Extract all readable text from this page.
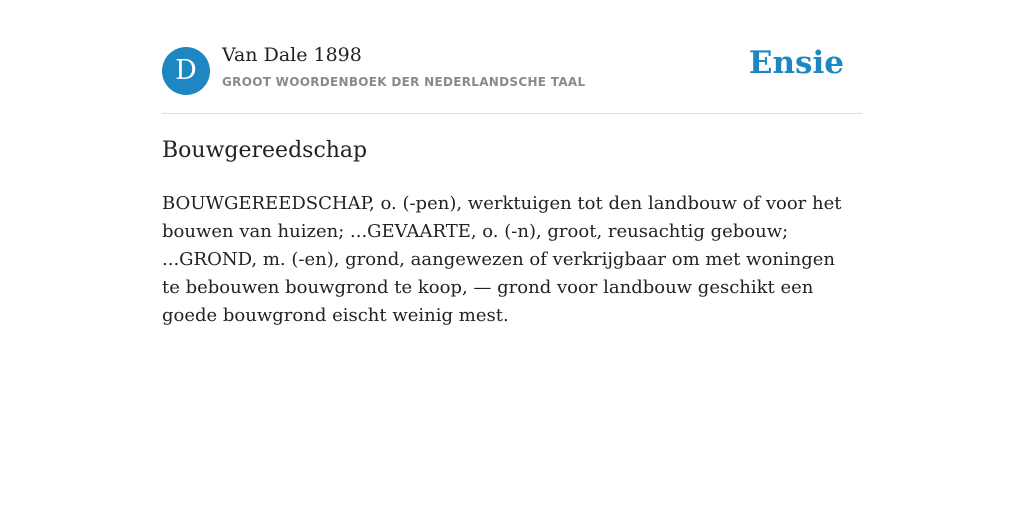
D	Van Dale 1898
GROOT WOORDENBOEK DER NEDERLANDSCHE TAAL
Ensie
Bouwgereedschap

BOUWGEREEDSCHAP, o. (-pen), werktuigen tot den landbouw of voor het bouwen van huizen; ...GEVAARTE, o. (-n), groot, reusachtig gebouw; ...GROND, m. (-en), grond, aangewezen of verkrijgbaar om met woningen te bebouwen bouwgrond te koop, — grond voor landbouw geschikt een goede bouwgrond eischt weinig mest.
